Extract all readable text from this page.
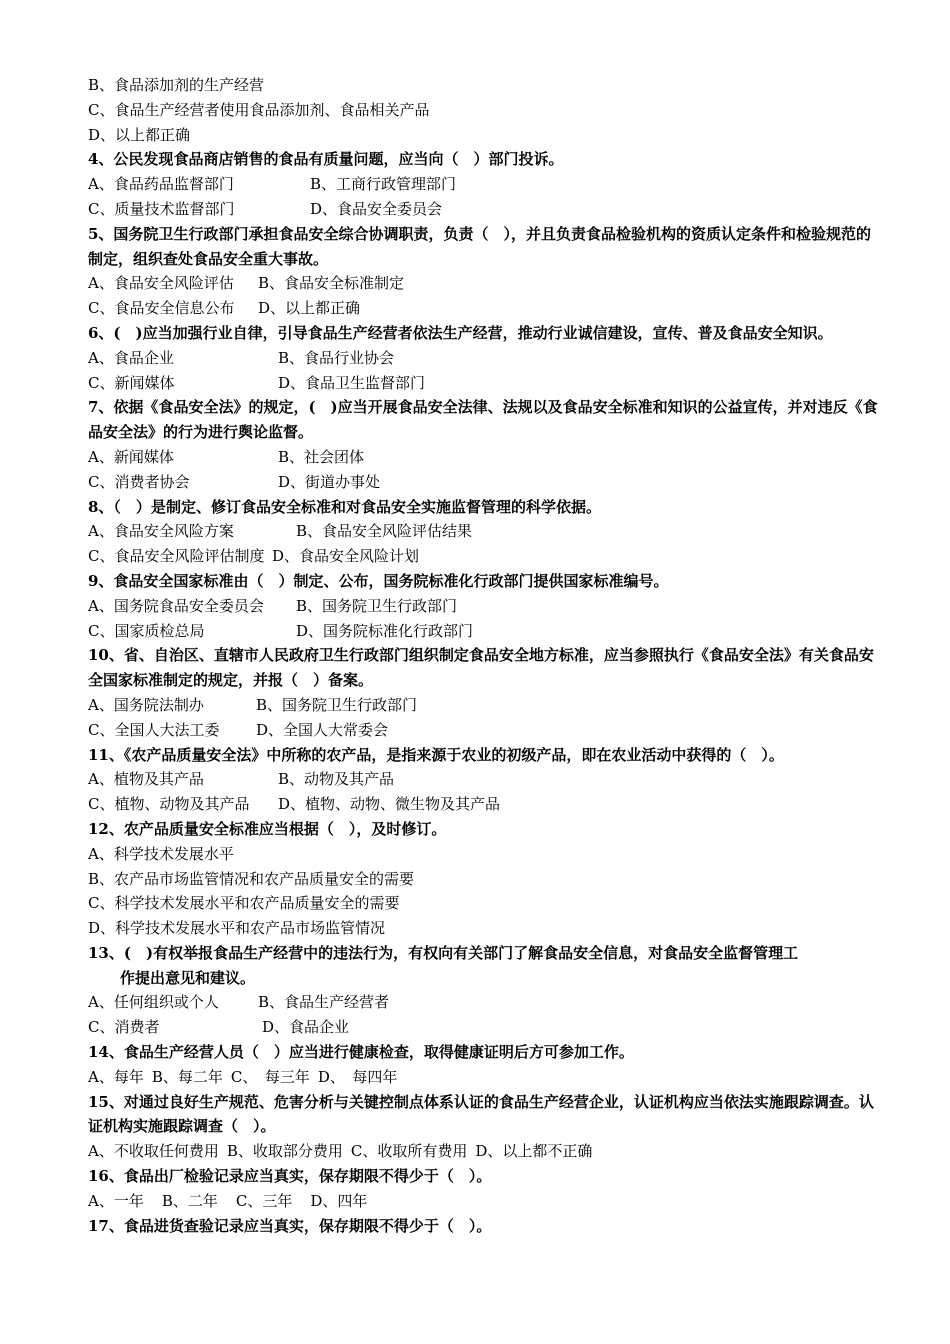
B、食品添加剂的生产经营
C、食品生产经营者使用食品添加剂、食品相关产品
D、以上都正确
4、公民发现食品商店销售的食品有质量问题，应当向（　）部门投诉。
A、食品药品监督部门	B、工商行政管理部门
C、质量技术监督部门	D、食品安全委员会
5、国务院卫生行政部门承担食品安全综合协调职责，负责（　），并且负责食品检验机构的资质认定条件和检验规范的制定，组织查处食品安全重大事故。
A、食品安全风险评估 B、食品安全标准制定
C、食品安全信息公布 D、以上都正确
6、(　)应当加强行业自律，引导食品生产经营者依法生产经营，推动行业诚信建设，宣传、普及食品安全知识。
A、食品企业	B、食品行业协会
C、新闻媒体	D、食品卫生监督部门
7、依据《食品安全法》的规定，(　)应当开展食品安全法律、法规以及食品安全标准和知识的公益宣传，并对违反《食品安全法》的行为进行舆论监督。
A、新闻媒体	B、社会团体
C、消费者协会	D、街道办事处
8、（　）是制定、修订食品安全标准和对食品安全实施监督管理的科学依据。
A、食品安全风险方案	B、食品安全风险评估结果
C、食品安全风险评估制度 D、食品安全风险计划
9、食品安全国家标准由（　）制定、公布，国务院标准化行政部门提供国家标准编号。
A、国务院食品安全委员会 B、国务院卫生行政部门
C、国家质检总局	D、国务院标准化行政部门
10、省、自治区、直辖市人民政府卫生行政部门组织制定食品安全地方标准，应当参照执行《食品安全法》有关食品安全国家标准制定的规定，并报（　）备案。
A、国务院法制办	B、国务院卫生行政部门
C、全国人大法工委 D、全国人大常委会
11、《农产品质量安全法》中所称的农产品，是指来源于农业的初级产品，即在农业活动中获得的（　）。
A、植物及其产品	B、动物及其产品
C、植物、动物及其产品 D、植物、动物、微生物及其产品
12、农产品质量安全标准应当根据（　），及时修订。
A、科学技术发展水平
B、农产品市场监管情况和农产品质量安全的需要
C、科学技术发展水平和农产品质量安全的需要
D、科学技术发展水平和农产品市场监管情况
13、(　)有权举报食品生产经营中的违法行为，有权向有关部门了解食品安全信息，对食品安全监督管理工
作提出意见和建议。
A、任何组织或个人	B、食品生产经营者
C、消费者	D、食品企业
14、食品生产经营人员（　）应当进行健康检查，取得健康证明后方可参加工作。
A、每年 B、每二年 C、　每三年 D、　每四年
15、对通过良好生产规范、危害分析与关键控制点体系认证的食品生产经营企业，认证机构应当依法实施跟踪调查。认证机构实施跟踪调查（　）。
A、不收取任何费用 B、收取部分费用 C、收取所有费用 D、以上都不正确
16、食品出厂检验记录应当真实，保存期限不得少于（　）。
A、一年 B、二年 C、三年 D、四年
17、食品进货查验记录应当真实，保存期限不得少于（　）。
